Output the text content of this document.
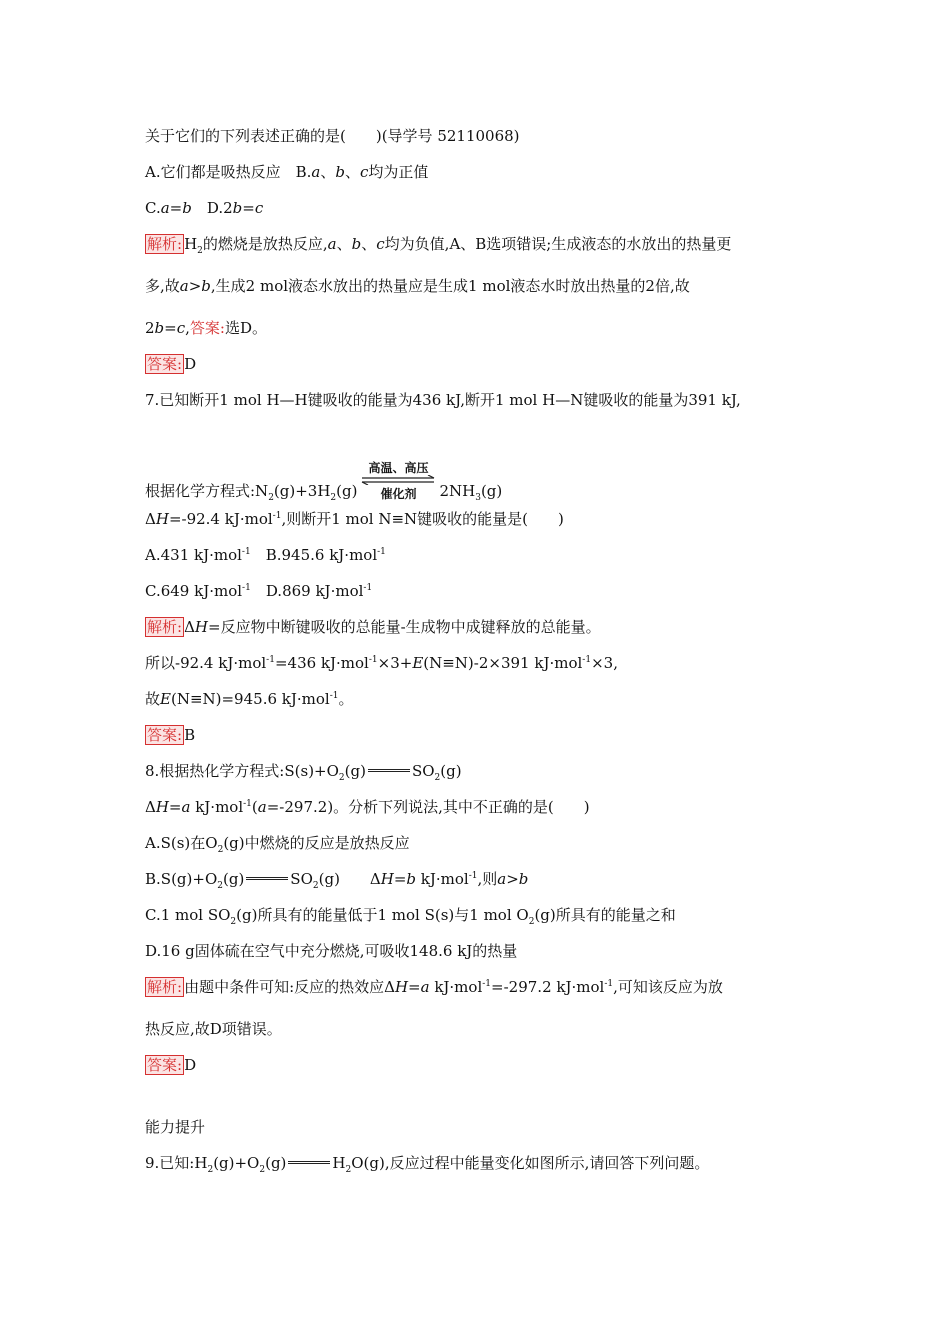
关于它们的下列表述正确的是(　　)(导学号 52110068)
A.它们都是吸热反应　B.a、b、c均为正值
C.a=b　D.2b=c
解析: $H_2$的燃烧是放热反应,a、b、c均为负值,A、B选项错误;生成液态的水放出的热量更
多,故a>b,生成2 mol液态水放出的热量应是生成1 mol液态水时放出热量的2倍,故
2b=c,答案:选D。
答案: D
7.已知断开1 mol H—H键吸收的能量为436 kJ,断开1 mol H—N键吸收的能量为391 kJ,
根据化学方程式$:N_2(g)+3H_2(g)$
高温、高压
催化剂	$2NH_3(g)$
ΔH=-92.4 kJ·mol$^{-1}$,则断开1 mol N≡N键吸收的能量是(　　)
A.431 kJ·mol$^{-1}$　B.945.6 kJ·mol$^{-1}$
C.649 kJ·mol$^{-1}$　D.869 kJ·mol$^{-1}$
解析: ΔH=反应物中断键吸收的总能量-生成物中成键释放的总能量。
所以-92.4 kJ·mol$^{-1}$=436 kJ·mol$^{-1}$×3+E(N≡N)-2×391 kJ·mol$^{-1}$×3,
故E(N≡N)=945.6 kJ·mol$^{-1}$。
答案: B
8.根据热化学方程式$:S(s)+O_2(g)$	$SO_2(g)$
ΔH=a kJ·mol$^{-1}$(a=-297.2)。分析下列说法,其中不正确的是(　　)
A.S(s)在$O_2(g)$中燃烧的反应是放热反应
$B.S(g)+O_2(g)$	$SO_2(g)$　　ΔH=b kJ·mol$^{-1}$,则a>b
C.1 mol $SO_2(g)$所具有的能量低于1 mol S(s)与1 mol $O_2(g)$所具有的能量之和
D.16 g固体硫在空气中充分燃烧,可吸收148.6 kJ的热量
解析: 由题中条件可知:反应的热效应ΔH=a kJ·mol$^{-1}$=-297.2 kJ·mol$^{-1}$,可知该反应为放
热反应,故D项错误。
答案: D
能力提升
9.已知$:H_2(g)+O_2(g)$	$H_2O(g)$,反应过程中能量变化如图所示,请回答下列问题。
